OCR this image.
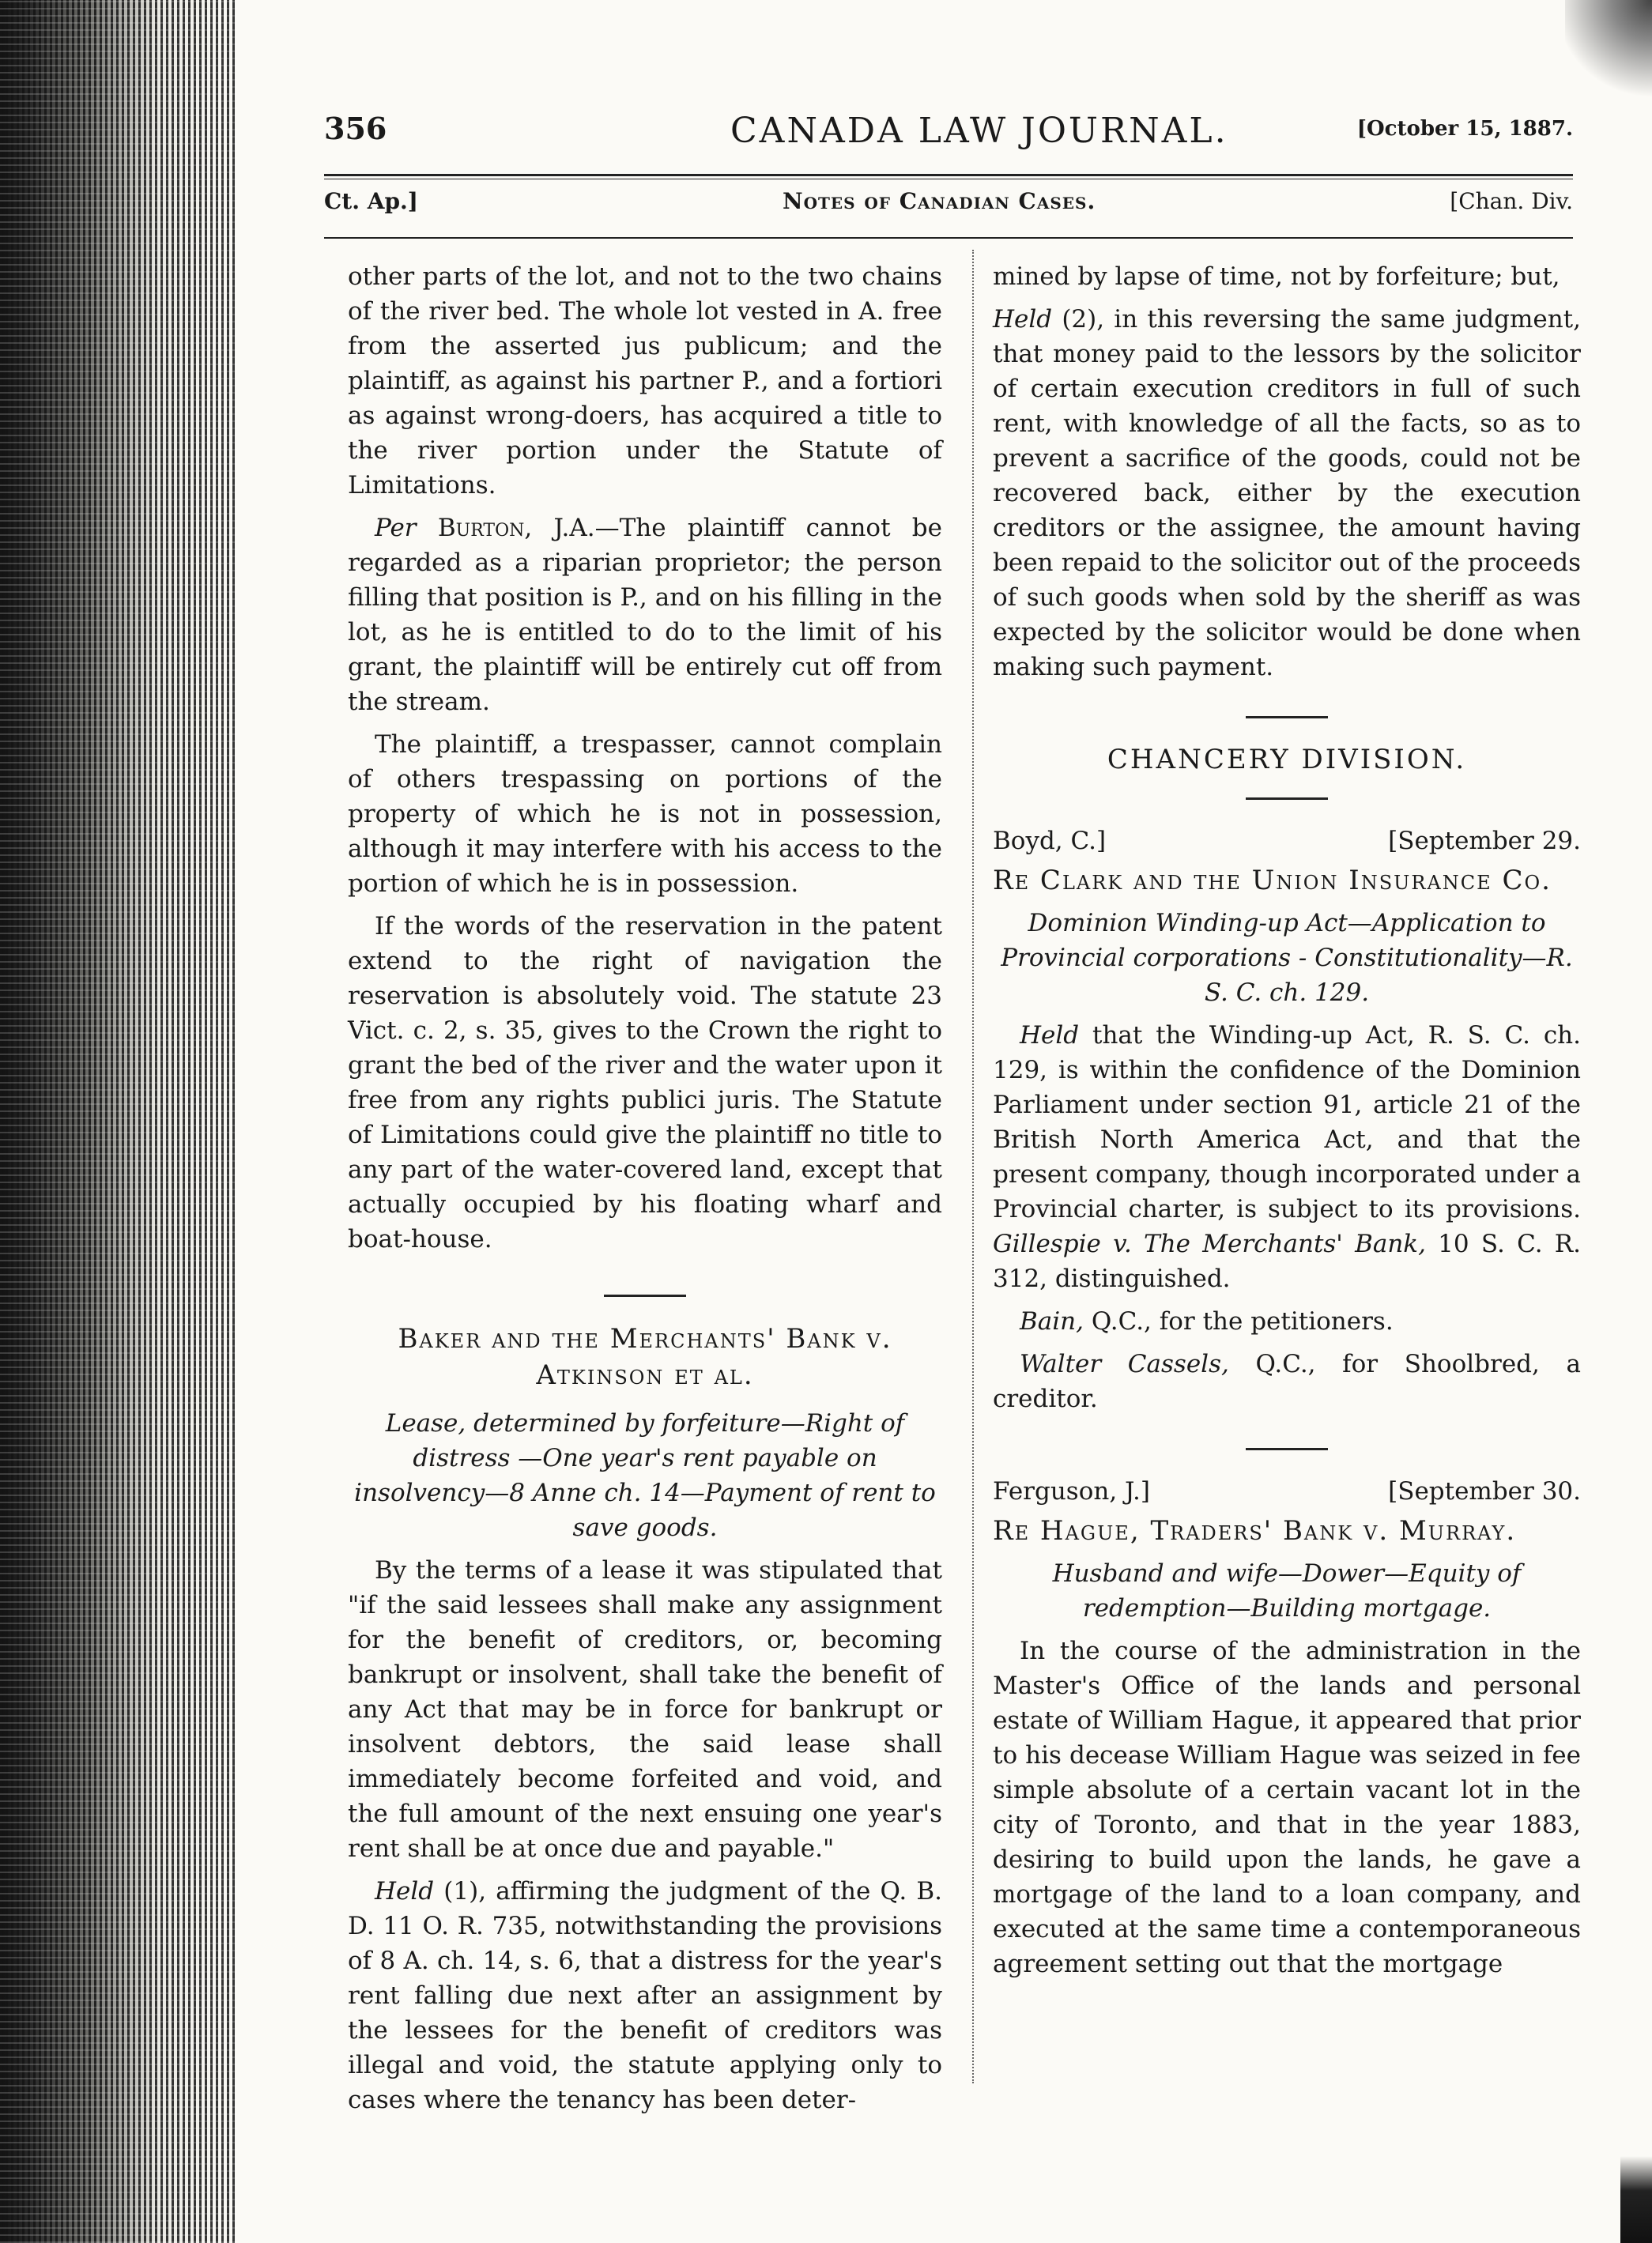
356	CANADA LAW JOURNAL.	[October 15, 1887.
Ct. Ap.]	Notes of Canadian Cases.	[Chan. Div.

other parts of the lot, and not to the two chains of the river bed. The whole lot vested in A. free from the asserted jus publicum; and the plaintiff, as against his partner P., and a fortiori as against wrong-doers, has acquired a title to the river portion under the Statute of Limitations.

Per Burton, J.A.—The plaintiff cannot be regarded as a riparian proprietor; the person filling that position is P., and on his filling in the lot, as he is entitled to do to the limit of his grant, the plaintiff will be entirely cut off from the stream.

The plaintiff, a trespasser, cannot complain of others trespassing on portions of the property of which he is not in possession, although it may interfere with his access to the portion of which he is in possession.

If the words of the reservation in the patent extend to the right of navigation the reservation is absolutely void. The statute 23 Vict. c. 2, s. 35, gives to the Crown the right to grant the bed of the river and the water upon it free from any rights publici juris. The Statute of Limitations could give the plaintiff no title to any part of the water-covered land, except that actually occupied by his floating wharf and boat-house.

Baker and the Merchants' Bank v.
Atkinson et al.

Lease, determined by forfeiture—Right of distress —One year's rent payable on insolvency—8 Anne ch. 14—Payment of rent to save goods.

By the terms of a lease it was stipulated that "if the said lessees shall make any assignment for the benefit of creditors, or, becoming bankrupt or insolvent, shall take the benefit of any Act that may be in force for bankrupt or insolvent debtors, the said lease shall immediately become forfeited and void, and the full amount of the next ensuing one year's rent shall be at once due and payable."

Held (1), affirming the judgment of the Q. B. D. 11 O. R. 735, notwithstanding the provisions of 8 A. ch. 14, s. 6, that a distress for the year's rent falling due next after an assignment by the lessees for the benefit of creditors was illegal and void, the statute applying only to cases where the tenancy has been deter-

mined by lapse of time, not by forfeiture; but,

Held (2), in this reversing the same judgment, that money paid to the lessors by the solicitor of certain execution creditors in full of such rent, with knowledge of all the facts, so as to prevent a sacrifice of the goods, could not be recovered back, either by the execution creditors or the assignee, the amount having been repaid to the solicitor out of the proceeds of such goods when sold by the sheriff as was expected by the solicitor would be done when making such payment.

CHANCERY DIVISION.
Boyd, C.]	[September 29.
Re Clark and the Union Insurance Co.

Dominion Winding-up Act—Application to Provincial corporations - Constitutionality—R. S. C. ch. 129.

Held that the Winding-up Act, R. S. C. ch. 129, is within the confidence of the Dominion Parliament under section 91, article 21 of the British North America Act, and that the present company, though incorporated under a Provincial charter, is subject to its provisions. Gillespie v. The Merchants' Bank, 10 S. C. R. 312, distinguished.

Bain, Q.C., for the petitioners.

Walter Cassels, Q.C., for Shoolbred, a creditor.

Ferguson, J.]	[September 30.
Re Hague, Traders' Bank v. Murray.

Husband and wife—Dower—Equity of redemption—Building mortgage.

In the course of the administration in the Master's Office of the lands and personal estate of William Hague, it appeared that prior to his decease William Hague was seized in fee simple absolute of a certain vacant lot in the city of Toronto, and that in the year 1883, desiring to build upon the lands, he gave a mortgage of the land to a loan company, and executed at the same time a contemporaneous agreement setting out that the mortgage
